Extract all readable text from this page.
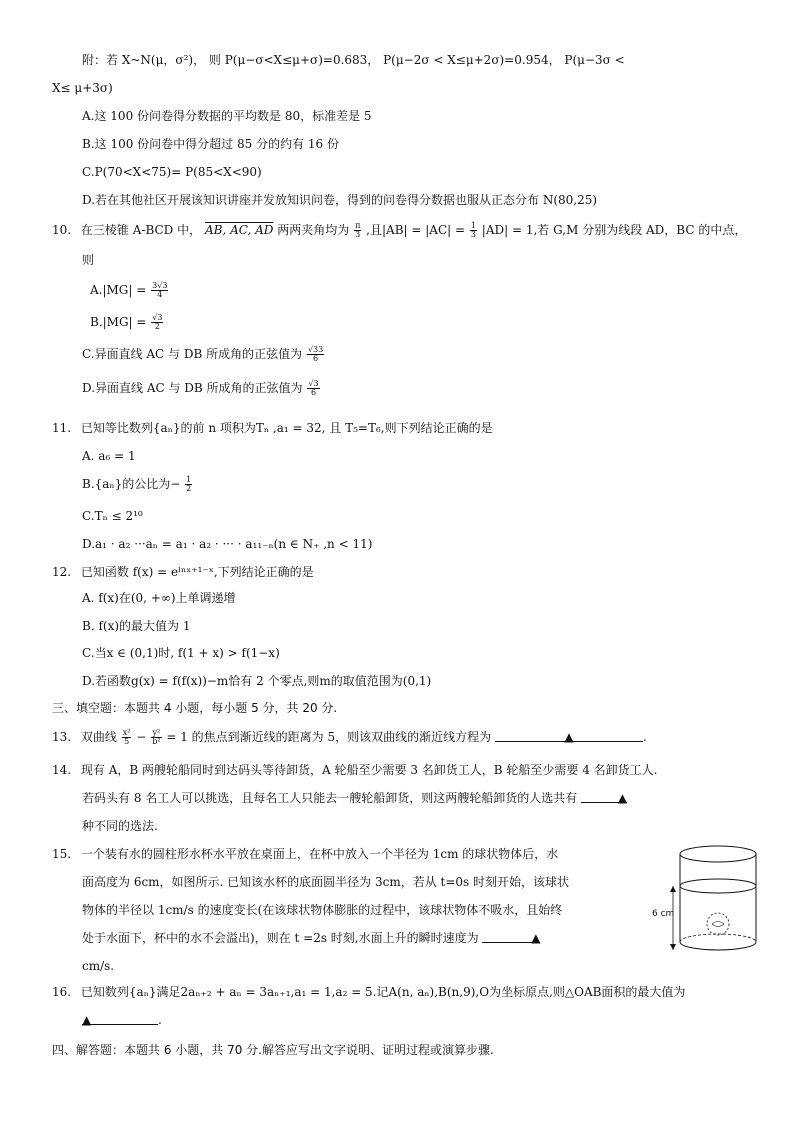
附：若 X~N(μ，σ²)， 则 P(μ−σ<X≤μ+σ)=0.683， P(μ−2σ < X≤μ+2σ)=0.954， P(μ−3σ <
X≤ μ+3σ)
A.这 100 份问卷得分数据的平均数是 80，标准差是 5
B.这 100 份问卷中得分超过 85 分的约有 16 份
C.P(70<X<75)= P(85<X<90)
D.若在其他社区开展该知识讲座并发放知识问卷，得到的问卷得分数据也服从正态分布 N(80,25)
10. 在三棱锥 A-BCD 中， AB, AC, AD 两两夹角均为 $\frac{\pi}{3}$ ,且$|AB| = |AC| = \frac{1}{3} |AD| = 1$,若 G,M 分别为线段 AD，BC 的中点，
则
$A.|MG| = \frac{3√3}{4}$
$B.|MG| = \frac{√3}{2}$
C.异面直线 AC 与 DB 所成角的正弦值为 $\frac{√33}{6}$
D.异面直线 AC 与 DB 所成角的正弦值为 $\frac{√3}{6}$
11. 已知等比数列{aₙ}的前 n 项积为Tₙ ,a₁ = 32, 且 T₅=T₆,则下列结论正确的是
A. a₆ = 1
B.{aₙ}的公比为− $\frac{1}{2}$
C.Tₙ ≤ 2¹⁰
D.a₁ · a₂ ···aₙ = a₁ · a₂ · ··· · a₁₁₋ₙ(n ∈ N₊ ,n < 11)
12. 已知函数 f(x) = eˡⁿˣ⁺¹⁻ˣ,下列结论正确的是
A. f(x)在(0, +∞)上单调递增
B. f(x)的最大值为 1
C.当x ∈ (0,1)时, f(1 + x) > f(1−x)
D.若函数g(x) = f(f(x))−m恰有 2 个零点,则m的取值范围为(0,1)
三、填空题：本题共 4 小题，每小题 5 分，共 20 分.
13. 双曲线 $\frac{\text{x²}}{5} - \frac{\text{y²}}{\text{b²}} = 1$ 的焦点到渐近线的距离为 5，则该双曲线的渐近线方程为	▲	.
14. 现有 A，B 两艘轮船同时到达码头等待卸货，A 轮船至少需要 3 名卸货工人，B 轮船至少需要 4 名卸货工人.
若码头有 8 名工人可以挑选，且每名工人只能去一艘轮船卸货，则这两艘轮船卸货的人选共有	▲
种不同的选法.
15. 一个装有水的圆柱形水杯水平放在桌面上，在杯中放入一个半径为 1cm 的球状物体后，水
面高度为 6cm，如图所示. 已知该水杯的底面圆半径为 3cm，若从 t=0s 时刻开始，该球状
物体的半径以 1cm/s 的速度变长(在该球状物体膨胀的过程中，该球状物体不吸水，且始终
处于水面下，杯中的水不会溢出)，则在 t =2s 时刻,水面上升的瞬时速度为	▲
cm/s.
6 cm
16. 已知数列{aₙ}满足2aₙ₊₂ + aₙ = 3aₙ₊₁,a₁ = 1,a₂ = 5.记A(n, aₙ),B(n,9),O为坐标原点,则△OAB面积的最大值为
▲	.
四、解答题：本题共 6 小题，共 70 分.解答应写出文字说明、证明过程或演算步骤.
